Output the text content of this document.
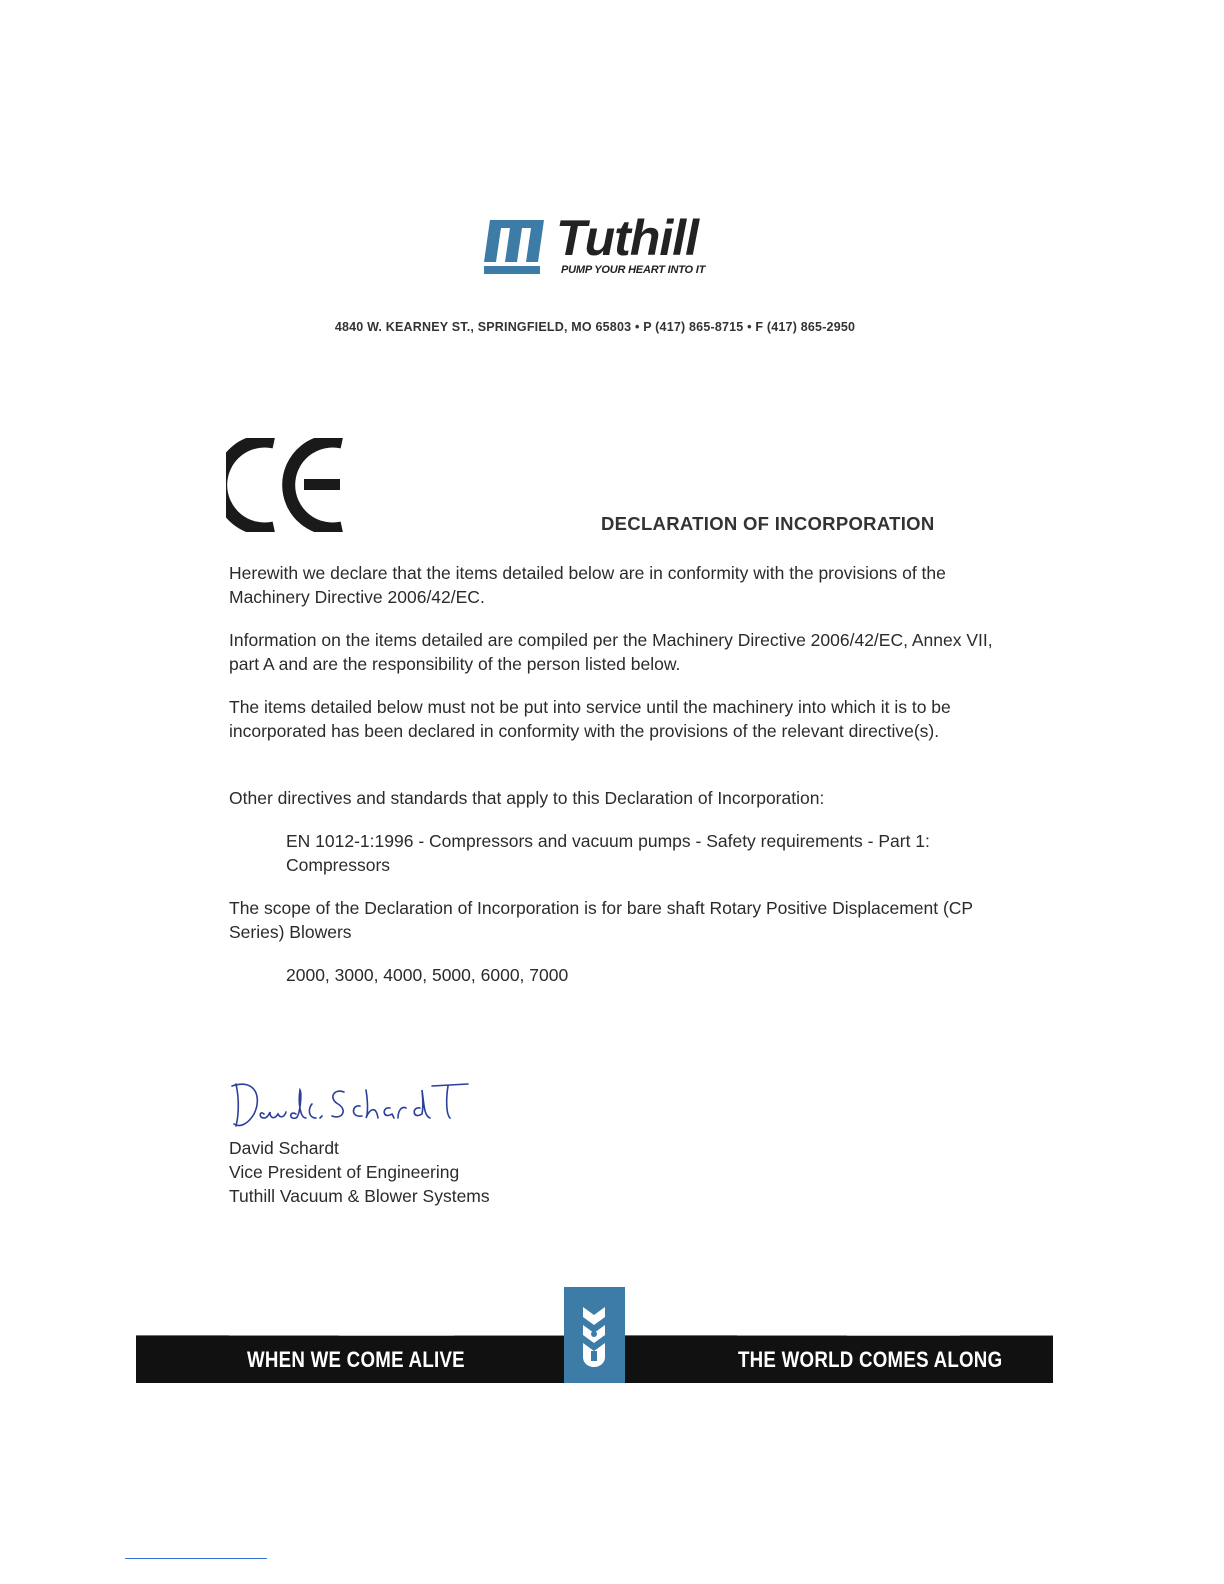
Tuthill
PUMP YOUR HEART INTO IT
4840 W. KEARNEY ST., SPRINGFIELD, MO 65803 • P (417) 865-8715 • F (417) 865-2950
DECLARATION OF INCORPORATION
Herewith we declare that the items detailed below are in conformity with the provisions of the Machinery Directive 2006/42/EC.
Information on the items detailed are compiled per the Machinery Directive 2006/42/EC, Annex VII, part A and are the responsibility of the person listed below.
The items detailed below must not be put into service until the machinery into which it is to be incorporated has been declared in conformity with the provisions of the relevant directive(s).
Other directives and standards that apply to this Declaration of Incorporation:
EN 1012-1:1996 - Compressors and vacuum pumps - Safety requirements - Part 1: Compressors
The scope of the Declaration of Incorporation is for bare shaft Rotary Positive Displacement (CP Series) Blowers
2000, 3000, 4000, 5000, 6000, 7000
David Schardt
Vice President of Engineering
Tuthill Vacuum & Blower Systems
WHEN WE COME ALIVE	THE WORLD COMES ALONG
